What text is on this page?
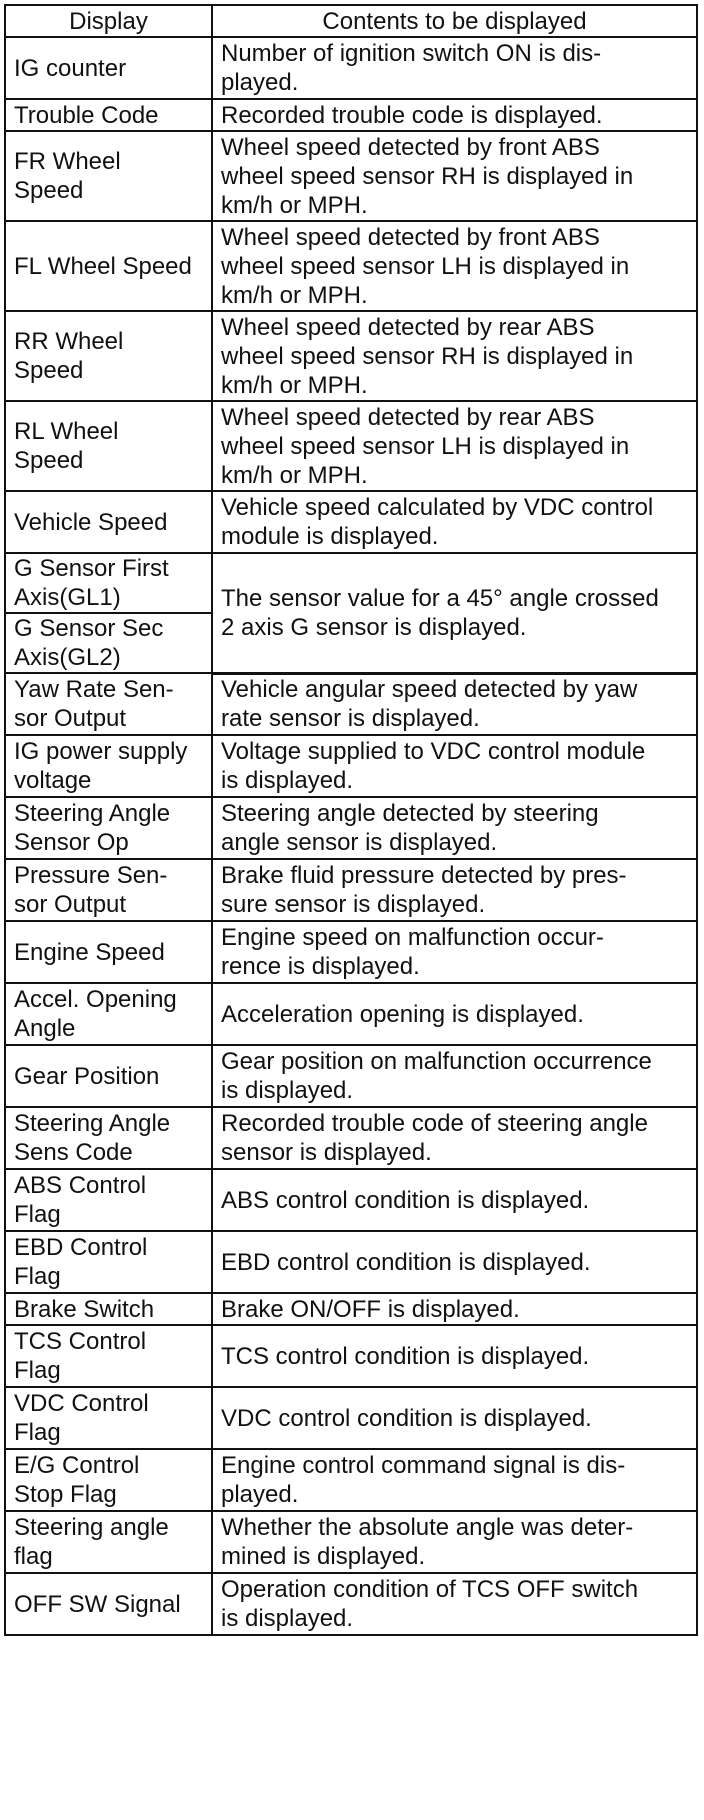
Display	Contents to be displayed
IG counter	Number of ignition switch ON is dis-
played.
Trouble Code	Recorded trouble code is displayed.
FR Wheel
Speed	Wheel speed detected by front ABS
wheel speed sensor RH is displayed in
km/h or MPH.
FL Wheel Speed	Wheel speed detected by front ABS
wheel speed sensor LH is displayed in
km/h or MPH.
RR Wheel
Speed	Wheel speed detected by rear ABS
wheel speed sensor RH is displayed in
km/h or MPH.
RL Wheel
Speed	Wheel speed detected by rear ABS
wheel speed sensor LH is displayed in
km/h or MPH.
Vehicle Speed	Vehicle speed calculated by VDC control
module is displayed.
G Sensor First
Axis(GL1)	The sensor value for a 45° angle crossed
2 axis G sensor is displayed.
G Sensor Sec
Axis(GL2)	
Yaw Rate Sen-
sor Output	Vehicle angular speed detected by yaw
rate sensor is displayed.
IG power supply
voltage	Voltage supplied to VDC control module
is displayed.
Steering Angle
Sensor Op	Steering angle detected by steering
angle sensor is displayed.
Pressure Sen-
sor Output	Brake fluid pressure detected by pres-
sure sensor is displayed.
Engine Speed	Engine speed on malfunction occur-
rence is displayed.
Accel. Opening
Angle	Acceleration opening is displayed.
Gear Position	Gear position on malfunction occurrence
is displayed.
Steering Angle
Sens Code	Recorded trouble code of steering angle
sensor is displayed.
ABS Control
Flag	ABS control condition is displayed.
EBD Control
Flag	EBD control condition is displayed.
Brake Switch	Brake ON/OFF is displayed.
TCS Control
Flag	TCS control condition is displayed.
VDC Control
Flag	VDC control condition is displayed.
E/G Control
Stop Flag	Engine control command signal is dis-
played.
Steering angle
flag	Whether the absolute angle was deter-
mined is displayed.
OFF SW Signal	Operation condition of TCS OFF switch
is displayed.
